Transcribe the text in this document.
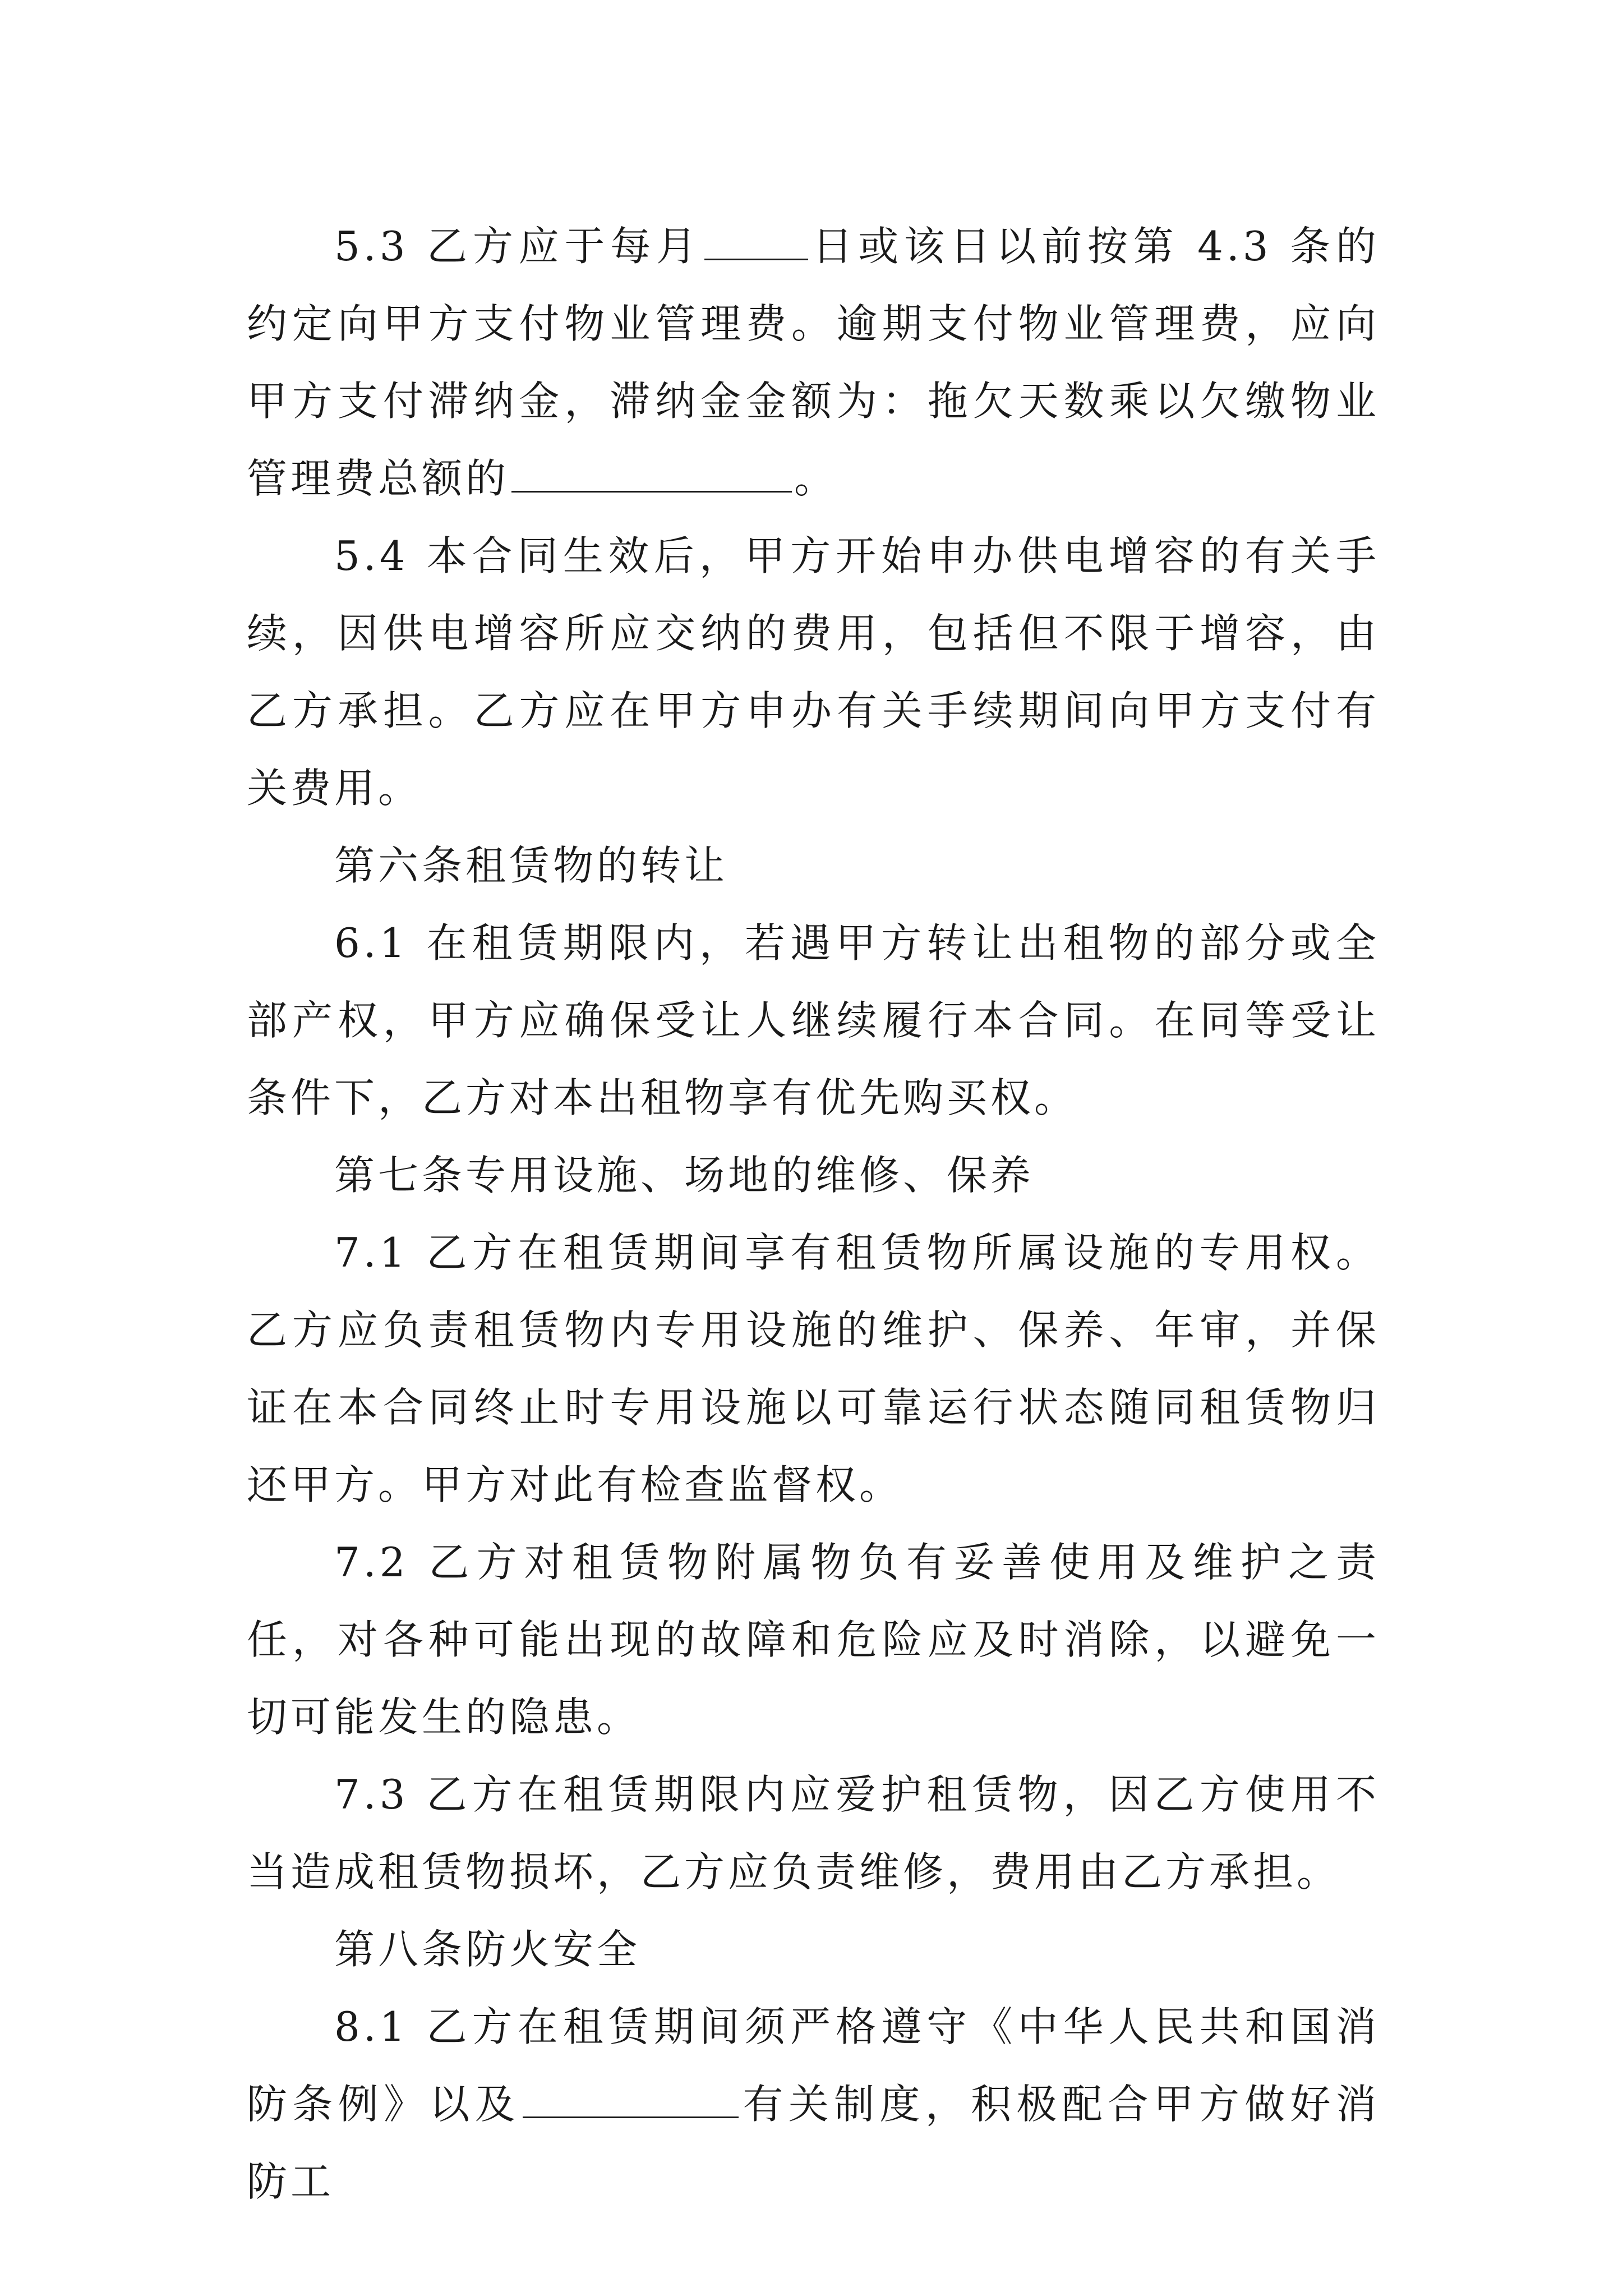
5.3 乙方应于每月	日或该日以前按第 4.3 条的约定向甲方支付物业管理费。逾期支付物业管理费，应向甲方支付滞纳金，滞纳金金额为：拖欠天数乘以欠缴物业管理费总额的	。

5.4 本合同生效后，甲方开始申办供电增容的有关手续，因供电增容所应交纳的费用，包括但不限于增容，由乙方承担。乙方应在甲方申办有关手续期间向甲方支付有关费用。

第六条租赁物的转让

6.1 在租赁期限内，若遇甲方转让出租物的部分或全部产权，甲方应确保受让人继续履行本合同。在同等受让条件下，乙方对本出租物享有优先购买权。

第七条专用设施、场地的维修、保养

7.1 乙方在租赁期间享有租赁物所属设施的专用权。乙方应负责租赁物内专用设施的维护、保养、年审，并保证在本合同终止时专用设施以可靠运行状态随同租赁物归还甲方。甲方对此有检查监督权。

7.2 乙方对租赁物附属物负有妥善使用及维护之责任，对各种可能出现的故障和危险应及时消除，以避免一切可能发生的隐患。

7.3 乙方在租赁期限内应爱护租赁物，因乙方使用不当造成租赁物损坏，乙方应负责维修，费用由乙方承担。

第八条防火安全

8.1 乙方在租赁期间须严格遵守《中华人民共和国消防条例》以及	有关制度，积极配合甲方做好消防工
